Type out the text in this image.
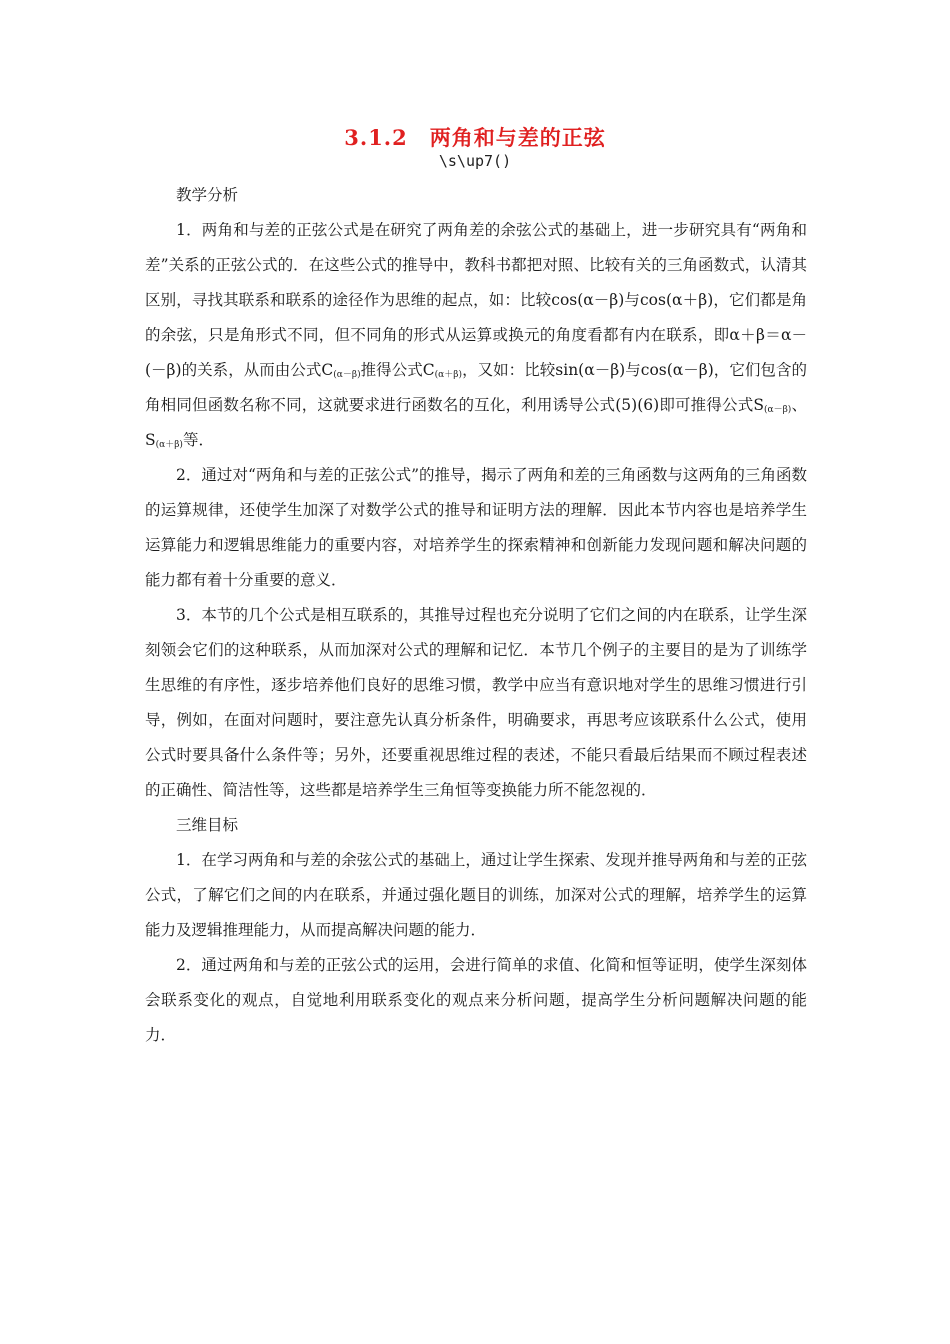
3.1.2　两角和与差的正弦
\s\up7()

教学分析

1．两角和与差的正弦公式是在研究了两角差的余弦公式的基础上，进一步研究具有“两角和差”关系的正弦公式的．在这些公式的推导中，教科书都把对照、比较有关的三角函数式，认清其区别，寻找其联系和联系的途径作为思维的起点，如：比较cos(α－β)与cos(α＋β)，它们都是角的余弦，只是角形式不同，但不同角的形式从运算或换元的角度看都有内在联系，即α＋β＝α－(－β)的关系，从而由公式$C_{(\alpha-\beta)}$推得公式$C_{(\alpha+\beta)}$，又如：比较sin(α－β)与cos(α－β)，它们包含的角相同但函数名称不同，这就要求进行函数名的互化，利用诱导公式(5)(6)即可推得公式$S_{(\alpha-\beta)}$、$S_{(\alpha+\beta)}$等．

2．通过对“两角和与差的正弦公式”的推导，揭示了两角和差的三角函数与这两角的三角函数的运算规律，还使学生加深了对数学公式的推导和证明方法的理解．因此本节内容也是培养学生运算能力和逻辑思维能力的重要内容，对培养学生的探索精神和创新能力发现问题和解决问题的能力都有着十分重要的意义．

3．本节的几个公式是相互联系的，其推导过程也充分说明了它们之间的内在联系，让学生深刻领会它们的这种联系，从而加深对公式的理解和记忆．本节几个例子的主要目的是为了训练学生思维的有序性，逐步培养他们良好的思维习惯，教学中应当有意识地对学生的思维习惯进行引导，例如，在面对问题时，要注意先认真分析条件，明确要求，再思考应该联系什么公式，使用公式时要具备什么条件等；另外，还要重视思维过程的表述，不能只看最后结果而不顾过程表述的正确性、简洁性等，这些都是培养学生三角恒等变换能力所不能忽视的．

三维目标

1．在学习两角和与差的余弦公式的基础上，通过让学生探索、发现并推导两角和与差的正弦公式，了解它们之间的内在联系，并通过强化题目的训练，加深对公式的理解，培养学生的运算能力及逻辑推理能力，从而提高解决问题的能力．

2．通过两角和与差的正弦公式的运用，会进行简单的求值、化简和恒等证明，使学生深刻体会联系变化的观点，自觉地利用联系变化的观点来分析问题，提高学生分析问题解决问题的能力．
